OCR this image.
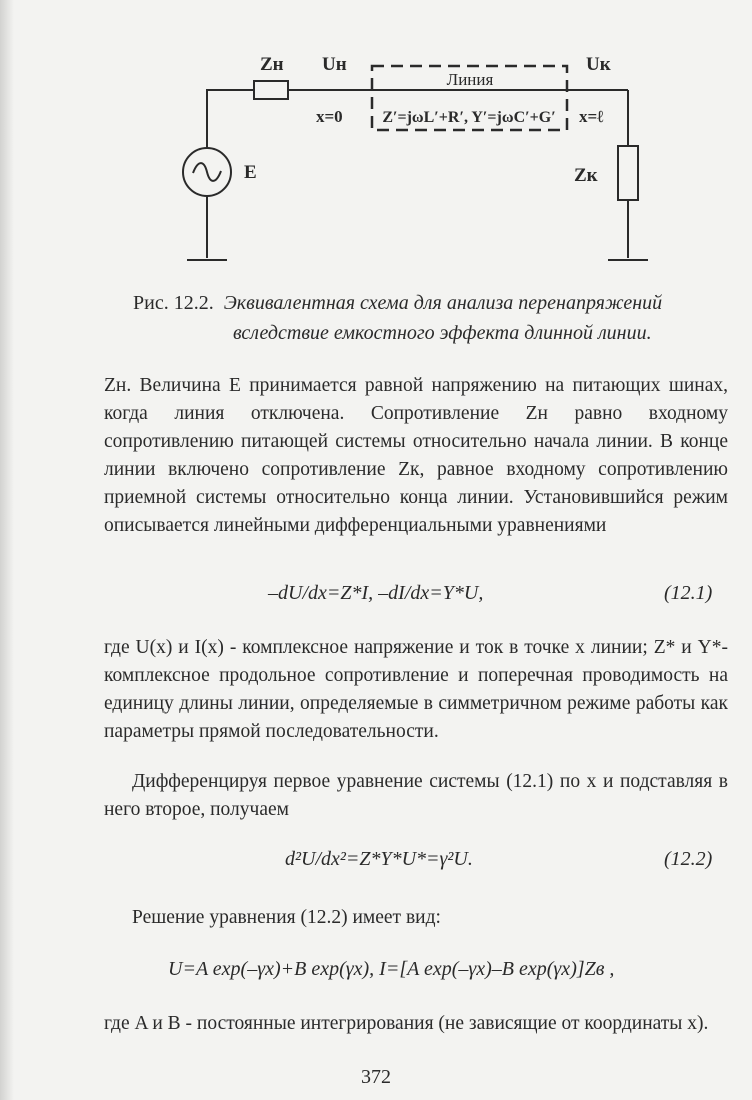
Zн Uн	Uк
Линия
x=0 Z′=jωL′+R′, Y′=jωC′+G′ x=ℓ
E	Zк
Рис. 12.2. Эквивалентная схема для анализа перенапряжений
вследствие емкостного эффекта длинной линии.
Zн. Величина E принимается равной напряжению на питающих шинах, когда линия отключена. Сопротивление Zн равно входному сопротивлению питающей системы относительно начала линии. В конце линии включено сопротивление Zк, равное входному сопротивлению приемной системы относительно конца линии. Установившийся режим описывается линейными дифференциальными уравнениями
–dU/dx=Z*I, –dI/dx=Y*U,	(12.1)
где U(x) и I(x) - комплексное напряжение и ток в точке x линии; Z* и Y*- комплексное продольное сопротивление и поперечная проводимость на единицу длины линии, определяемые в симметричном режиме работы как параметры прямой последовательности.
Дифференцируя первое уравнение системы (12.1) по x и подставляя в него второе, получаем
d²U/dx²=Z*Y*U*=γ²U.	(12.2)
Решение уравнения (12.2) имеет вид:
U=A exp(–γx)+B exp(γx), I=[A exp(–γx)–B exp(γx)]Zв ,
где A и B - постоянные интегрирования (не зависящие от координаты x).
372
